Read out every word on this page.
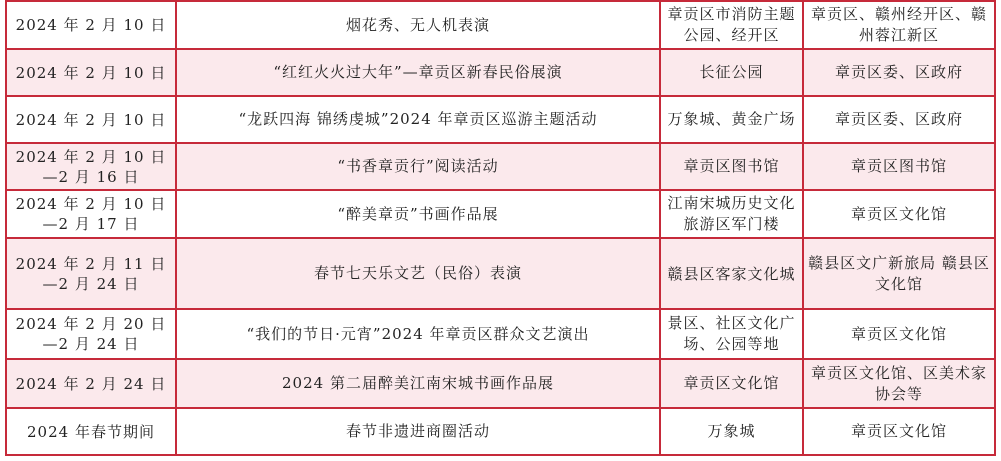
2024 年 2 月 10 日	烟花秀、无人机表演	章贡区市消防主题公园、经开区	章贡区、赣州经开区、赣州蓉江新区
2024 年 2 月 10 日	“红红火火过大年”—章贡区新春民俗展演	长征公园	章贡区委、区政府
2024 年 2 月 10 日	“龙跃四海 锦绣虔城”2024 年章贡区巡游主题活动	万象城、黄金广场	章贡区委、区政府
2024 年 2 月 10 日—2 月 16 日	“书香章贡行”阅读活动	章贡区图书馆	章贡区图书馆
2024 年 2 月 10 日—2 月 17 日	“醉美章贡”书画作品展	江南宋城历史文化旅游区军门楼	章贡区文化馆
2024 年 2 月 11 日—2 月 24 日	春节七天乐文艺（民俗）表演	赣县区客家文化城	赣县区文广新旅局 赣县区文化馆
2024 年 2 月 20 日—2 月 24 日	“我们的节日·元宵”2024 年章贡区群众文艺演出	景区、社区文化广场、公园等地	章贡区文化馆
2024 年 2 月 24 日	2024 第二届醉美江南宋城书画作品展	章贡区文化馆	章贡区文化馆、区美术家协会等
2024 年春节期间	春节非遗进商圈活动	万象城	章贡区文化馆
